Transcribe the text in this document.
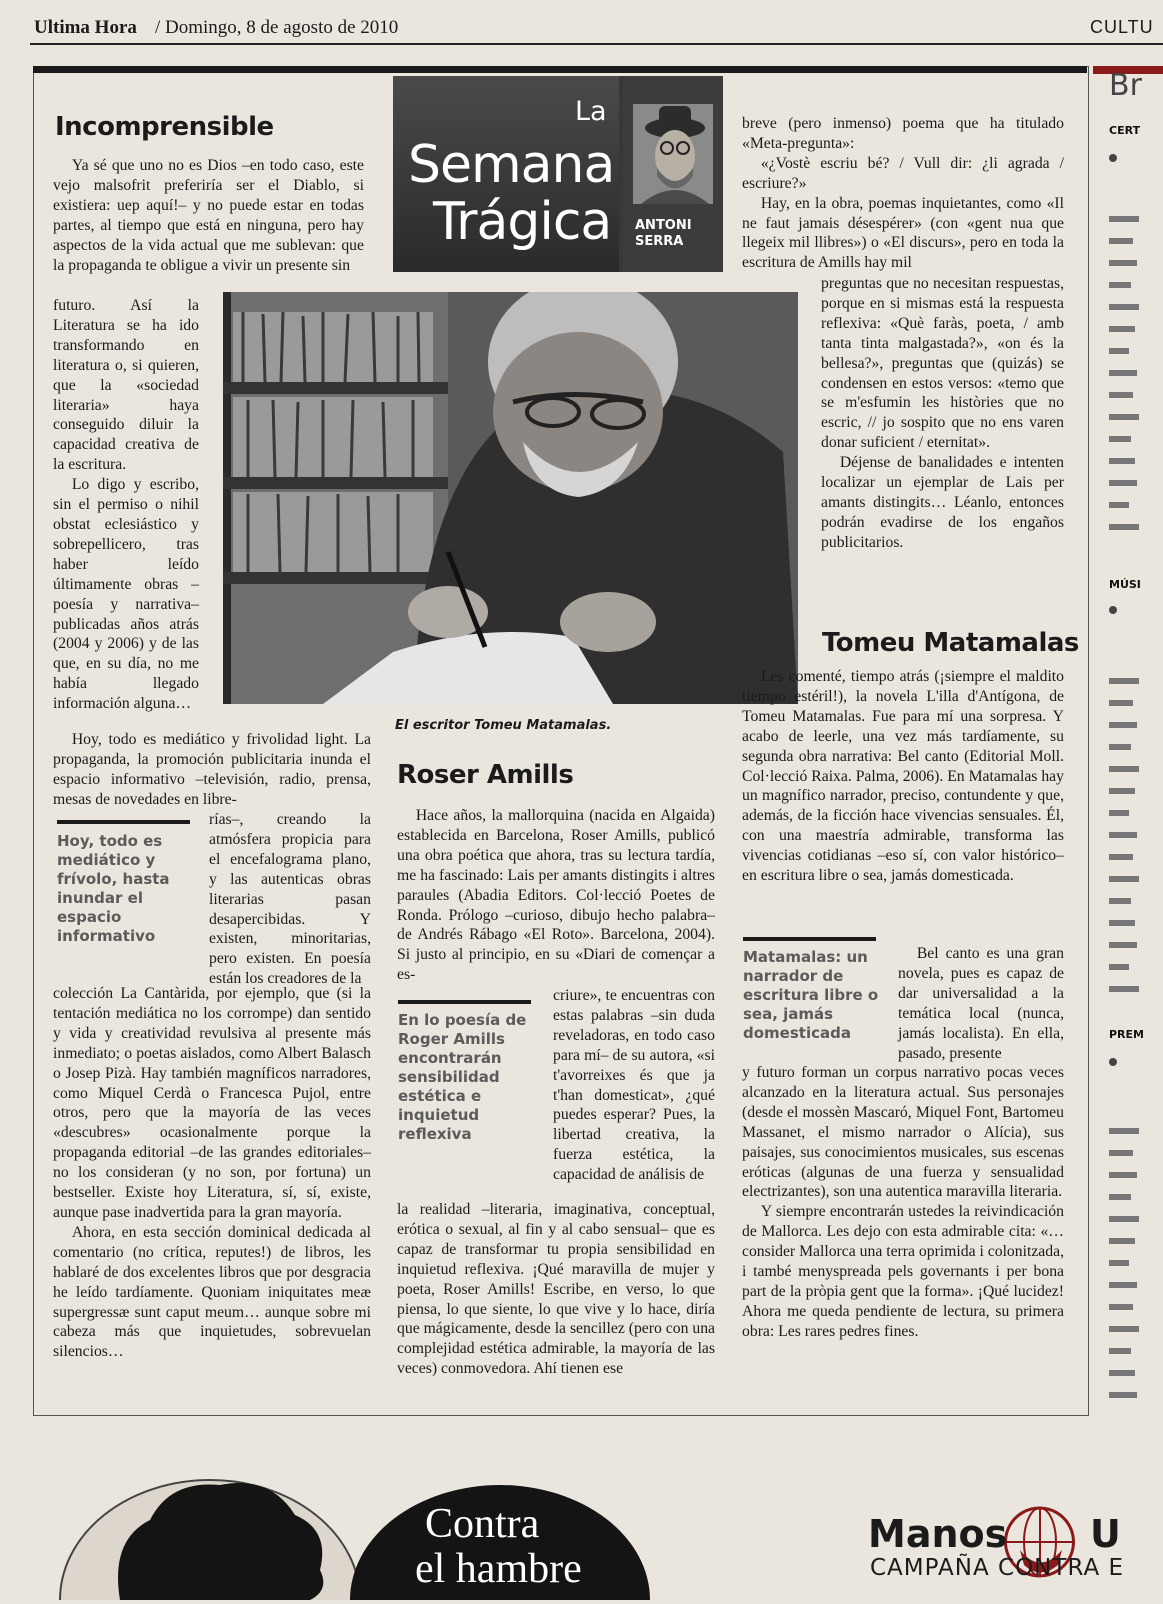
Ultima Hora / Domingo, 8 de agosto de 2010	CULTU
La
Semana
Trágica ANTONI
SERRA
El escritor Tomeu Matamalas.
Incomprensible
Roser Amills
Tomeu Matamalas

Ya sé que uno no es Dios –en todo caso, este vejo malsofrit preferiría ser el Diablo, si existiera: uep aquí!– y no puede estar en todas partes, al tiempo que está en ninguna, pero hay aspectos de la vida actual que me sublevan: que la propaganda te obligue a vivir un presente sin

futuro. Así la Literatura se ha ido transformando en literatura o, si quieren, que la «sociedad literaria» haya conseguido diluir la capacidad creativa de la escritura.

Lo digo y escribo, sin el permiso o nihil obstat eclesiástico y sobrepellicero, tras haber leído últimamente obras –poesía y narrativa– publicadas años atrás (2004 y 2006) y de las que, en su día, no me había llegado información alguna…

Hoy, todo es mediático y frivolidad light. La propaganda, la promoción publicitaria inunda el espacio informativo –televisión, radio, prensa, mesas de novedades en libre-

rías–, creando la atmósfera propicia para el encefalograma plano, y las autenticas obras literarias pasan desapercibidas. Y existen, minoritarias, pero existen. En poesía están los creadores de la

colección La Cantàrida, por ejemplo, que (si la tentación mediática no los corrompe) dan sentido y vida y creatividad revulsiva al presente más inmediato; o poetas aislados, como Albert Balasch o Josep Pizà. Hay también magníficos narradores, como Miquel Cerdà o Francesca Pujol, entre otros, pero que la mayoría de las veces «descubres» ocasionalmente porque la propaganda editorial –de las grandes editoriales– no los consideran (y no son, por fortuna) un bestseller. Existe hoy Literatura, sí, sí, existe, aunque pase inadvertida para la gran mayoría.

Ahora, en esta sección dominical dedicada al comentario (no crítica, reputes!) de libros, les hablaré de dos excelentes libros que por desgracia he leído tardíamente. Quoniam iniquitates meæ supergressæ sunt caput meum… aunque sobre mi cabeza más que inquietudes, sobrevuelan silencios…

Hoy, todo es mediático y frívolo, hasta inundar el espacio informativo

Hace años, la mallorquina (nacida en Algaida) establecida en Barcelona, Roser Amills, publicó una obra poética que ahora, tras su lectura tardía, me ha fascinado: Lais per amants distingits i altres paraules (Abadia Editors. Col·lecció Poetes de Ronda. Prólogo –curioso, dibujo hecho palabra– de Andrés Rábago «El Roto». Barcelona, 2004). Si justo al principio, en su «Diari de començar a es-

criure», te encuentras con estas palabras –sin duda reveladoras, en todo caso para mí– de su autora, «si t'avorreixes és que ja t'han domesticat», ¿qué puedes esperar? Pues, la libertad creativa, la fuerza estética, la capacidad de análisis de

la realidad –literaria, imaginativa, conceptual, erótica o sexual, al fin y al cabo sensual– que es capaz de transformar tu propia sensibilidad en inquietud reflexiva. ¡Qué maravilla de mujer y poeta, Roser Amills! Escribe, en verso, lo que piensa, lo que siente, lo que vive y lo hace, diría que mágicamente, desde la sencillez (pero con una complejidad estética admirable, la mayoría de las veces) conmovedora. Ahí tienen ese

En lo poesía de Roger Amills encontrarán sensibilidad estética e inquietud reflexiva

breve (pero inmenso) poema que ha titulado «Meta-pregunta»:

«¿Vostè escriu bé? / Vull dir: ¿li agrada / escriure?»

Hay, en la obra, poemas inquietantes, como «Il ne faut jamais désespérer» (con «gent nua que llegeix mil llibres») o «El discurs», pero en toda la escritura de Amills hay mil

preguntas que no necesitan respuestas, porque en si mismas está la respuesta reflexiva: «Què faràs, poeta, / amb tanta tinta malgastada?», «on és la bellesa?», preguntas que (quizás) se condensen en estos versos: «temo que se m'esfumin les històries que no escric, // jo sospito que no ens varen donar suficient / eternitat».

Déjense de banalidades e intenten localizar un ejemplar de Lais per amants distingits… Léanlo, entonces podrán evadirse de los engaños publicitarios.

Les comenté, tiempo atrás (¡siempre el maldito tiempo estéril!), la novela L'illa d'Antígona, de Tomeu Matamalas. Fue para mí una sorpresa. Y acabo de leerle, una vez más tardíamente, su segunda obra narrativa: Bel canto (Editorial Moll. Col·lecció Raixa. Palma, 2006). En Matamalas hay un magnífico narrador, preciso, contundente y que, además, de la ficción hace vivencias sensuales. Él, con una maestría admirable, transforma las vivencias cotidianas –eso sí, con valor histórico– en escritura libre o sea, jamás domesticada.

Bel canto es una gran novela, pues es capaz de dar universalidad a la temática local (nunca, jamás localista). En ella, pasado, presente

y futuro forman un corpus narrativo pocas veces alcanzado en la literatura actual. Sus personajes (desde el mossèn Mascaró, Miquel Font, Bartomeu Massanet, el mismo narrador o Alícia), sus paisajes, sus conocimientos musicales, sus escenas eróticas (algunas de una fuerza y sensualidad electrizantes), son una autentica maravilla literaria.

Y siempre encontrarán ustedes la reivindicación de Mallorca. Les dejo con esta admirable cita: «… consider Mallorca una terra oprimida i colonitzada, i també menyspreada pels governants i per bona part de la pròpia gent que la forma». ¡Qué lucidez! Ahora me queda pendiente de lectura, su primera obra: Les rares pedres fines.

Matamalas: un narrador de escritura libre o sea, jamás domesticada
Br
CERT
MÚSI
PREM
Contra
el hambre
Manos U
CAMPAÑA CONTRA E
